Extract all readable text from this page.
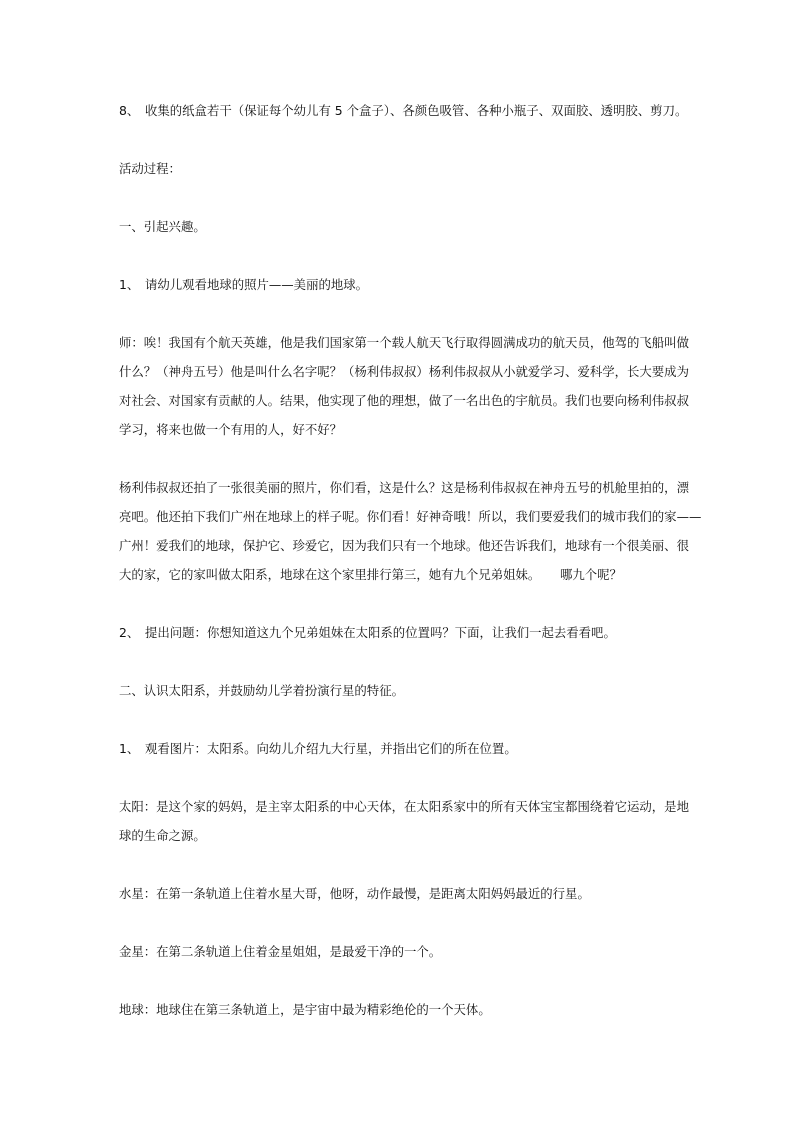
8、 收集的纸盒若干（保证每个幼儿有 5 个盒子）、各颜色吸管、各种小瓶子、双面胶、透明胶、剪刀。
活动过程：
一、引起兴趣。
1、 请幼儿观看地球的照片——美丽的地球。
师：唉！我国有个航天英雄，他是我们国家第一个载人航天飞行取得圆满成功的航天员，他驾的飞船叫做
什么？（神舟五号）他是叫什么名字呢？（杨利伟叔叔）杨利伟叔叔从小就爱学习、爱科学，长大要成为
对社会、对国家有贡献的人。结果，他实现了他的理想，做了一名出色的宇航员。我们也要向杨利伟叔叔
学习，将来也做一个有用的人，好不好？
杨利伟叔叔还拍了一张很美丽的照片，你们看，这是什么？这是杨利伟叔叔在神舟五号的机舱里拍的，漂
亮吧。他还拍下我们广州在地球上的样子呢。你们看！好神奇哦！所以，我们要爱我们的城市我们的家——
广州！爱我们的地球，保护它、珍爱它，因为我们只有一个地球。他还告诉我们，地球有一个很美丽、很
大的家，它的家叫做太阳系，地球在这个家里排行第三，她有九个兄弟姐妹。     哪九个呢？
2、 提出问题：你想知道这九个兄弟姐妹在太阳系的位置吗？下面，让我们一起去看看吧。
二、认识太阳系，并鼓励幼儿学着扮演行星的特征。
1、 观看图片：太阳系。向幼儿介绍九大行星，并指出它们的所在位置。
太阳：是这个家的妈妈，是主宰太阳系的中心天体，在太阳系家中的所有天体宝宝都围绕着它运动，是地
球的生命之源。
水星：在第一条轨道上住着水星大哥，他呀，动作最慢，是距离太阳妈妈最近的行星。
金星：在第二条轨道上住着金星姐姐，是最爱干净的一个。
地球：地球住在第三条轨道上，是宇宙中最为精彩绝伦的一个天体。
